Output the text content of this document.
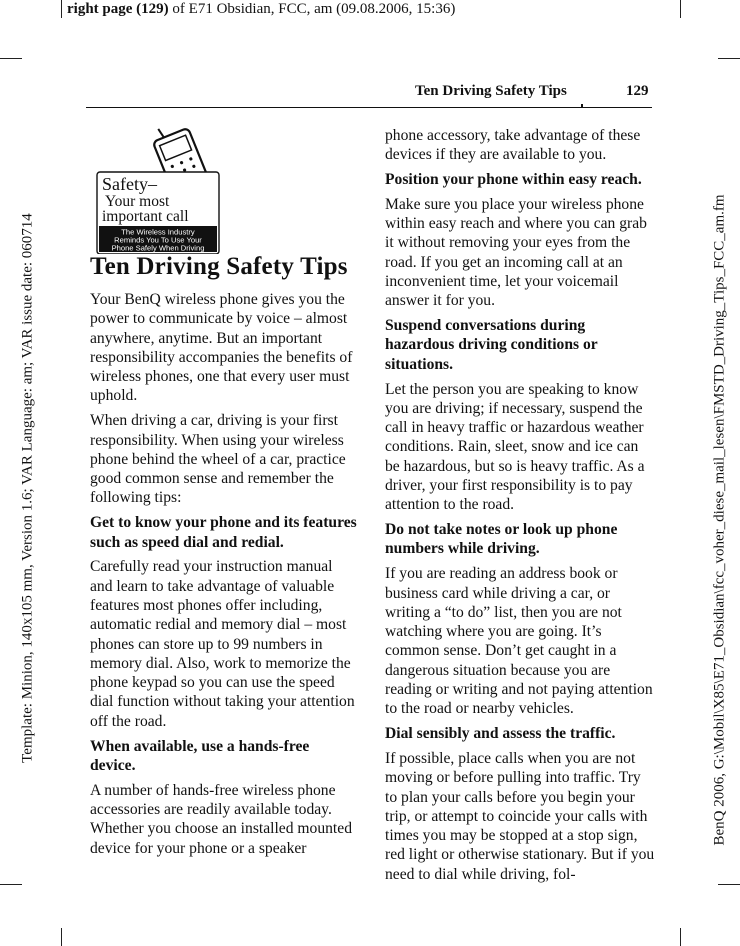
right page (129) of E71 Obsidian, FCC, am (09.08.2006, 15:36)
Template: Minion, 140x105 mm, Version 1.6; VAR Language: am; VAR issue date: 060714	BenQ 2006, G:\Mobil\X85\E71_Obsidian\fcc_voher_diese_mail_lesen\FMSTD_Driving_Tips_FCC_am.fm
Ten Driving Safety Tips	129
Safety–
Your most
important call
The Wireless Industry
Reminds You To Use Your
Phone Safely When Driving
Ten Driving Safety Tips

Your BenQ wireless phone gives you the power to communicate by voice – almost anywhere, anytime. But an important responsibility accompanies the benefits of wireless phones, one that every user must uphold.

When driving a car, driving is your first responsibility. When using your wireless phone behind the wheel of a car, practice good common sense and remember the following tips:

Get to know your phone and its features such as speed dial and redial.

Carefully read your instruction manual and learn to take advantage of valuable features most phones offer including, automatic redial and memory dial – most phones can store up to 99 numbers in memory dial. Also, work to memorize the phone keypad so you can use the speed dial function without taking your attention off the road.

When available, use a hands-free device.

A number of hands-free wireless phone accessories are readily available today. Whether you choose an installed mounted device for your phone or a speaker

phone accessory, take advantage of these devices if they are available to you.

Position your phone within easy reach.

Make sure you place your wireless phone within easy reach and where you can grab it without removing your eyes from the road. If you get an incoming call at an inconvenient time, let your voicemail answer it for you.

Suspend conversations during hazardous driving conditions or situations.

Let the person you are speaking to know you are driving; if necessary, suspend the call in heavy traffic or hazardous weather conditions. Rain, sleet, snow and ice can be hazardous, but so is heavy traffic. As a driver, your first responsibility is to pay attention to the road.

Do not take notes or look up phone numbers while driving.

If you are reading an address book or business card while driving a car, or writing a “to do” list, then you are not watching where you are going. It’s common sense. Don’t get caught in a dangerous situation because you are reading or writing and not paying attention to the road or nearby vehicles.

Dial sensibly and assess the traffic.

If possible, place calls when you are not moving or before pulling into traffic. Try to plan your calls before you begin your trip, or attempt to coincide your calls with times you may be stopped at a stop sign, red light or otherwise stationary. But if you need to dial while driving, fol-
